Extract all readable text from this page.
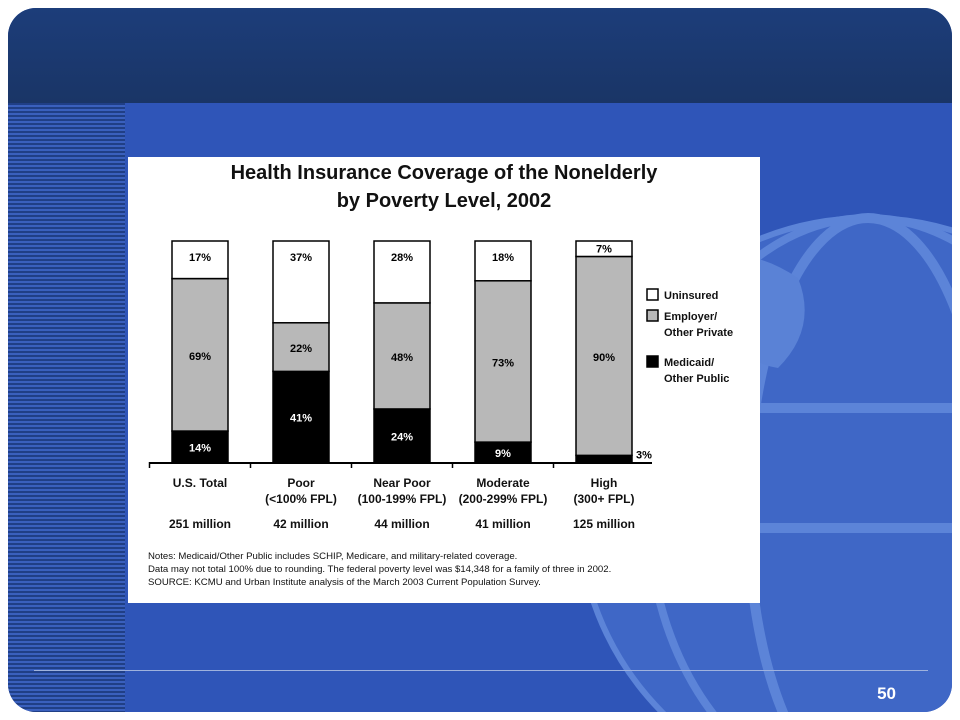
50
Health Insurance Coverage of the Nonelderly
by Poverty Level, 2002
14%
69%
17%
U.S. Total
251 million
41%
22%
37%
Poor
(<100% FPL)
42 million
24%
48%
28%
Near Poor
(100-199% FPL)
44 million
9%
73%
18%
Moderate
(200-299% FPL)
41 million
3%
90%
7%
High
(300+ FPL)
125 million
Uninsured
Employer/
Other Private
Medicaid/
Other Public
Notes: Medicaid/Other Public includes SCHIP, Medicare, and military-related coverage.
Data may not total 100% due to rounding. The federal poverty level was $14,348 for a family of three in 2002.
SOURCE: KCMU and Urban Institute analysis of the March 2003 Current Population Survey.
